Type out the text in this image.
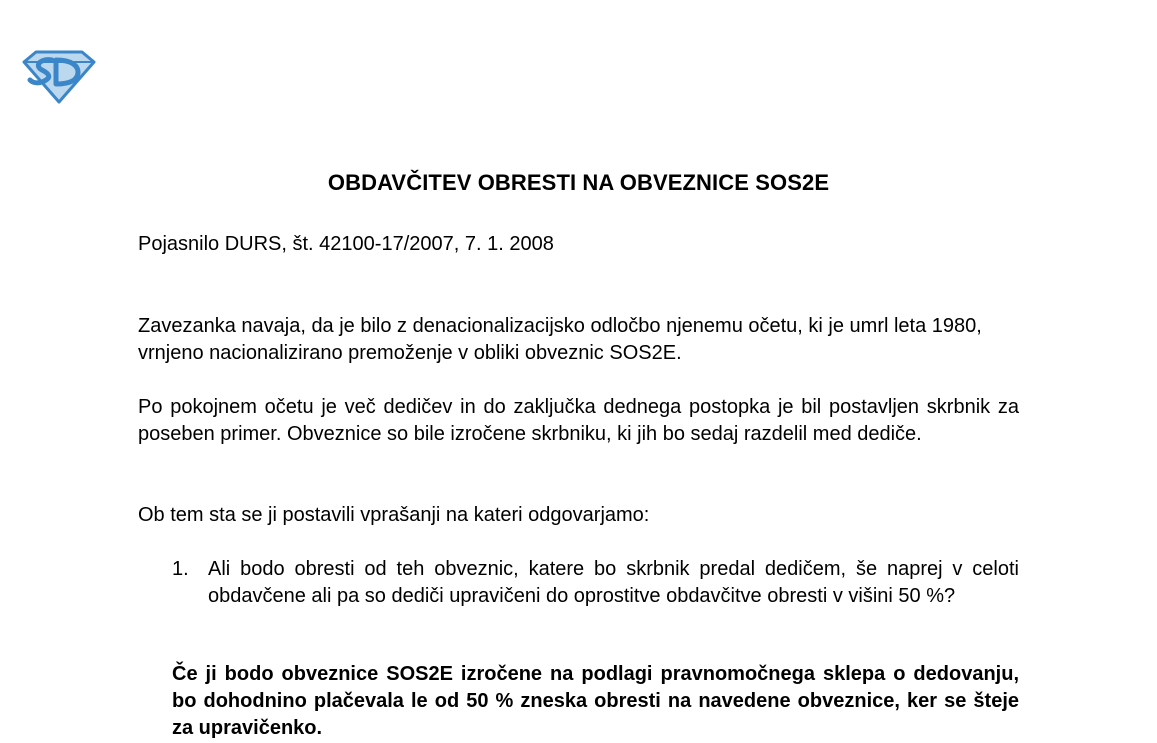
OBDAVČITEV OBRESTI NA OBVEZNICE SOS2E
Pojasnilo DURS, št. 42100-17/2007, 7. 1. 2008

Zavezanka navaja, da je bilo z denacionalizacijsko odločbo njenemu očetu, ki je umrl leta 1980, vrnjeno nacionalizirano premoženje v obliki obveznic SOS2E.

Po pokojnem očetu je več dedičev in do zaključka dednega postopka je bil postavljen skrbnik za poseben primer. Obveznice so bile izročene skrbniku, ki jih bo sedaj razdelil med dediče.

Ob tem sta se ji postavili vprašanji na kateri odgovarjamo:

1. Ali bodo obresti od teh obveznic, katere bo skrbnik predal dedičem, še naprej v celoti obdavčene ali pa so dediči upravičeni do oprostitve obdavčitve obresti v višini 50 %?

Če ji bodo obveznice SOS2E izročene na podlagi pravnomočnega sklepa o dedovanju, bo dohodnino plačevala le od 50 % zneska obresti na navedene obveznice, ker se šteje za upravičenko.
